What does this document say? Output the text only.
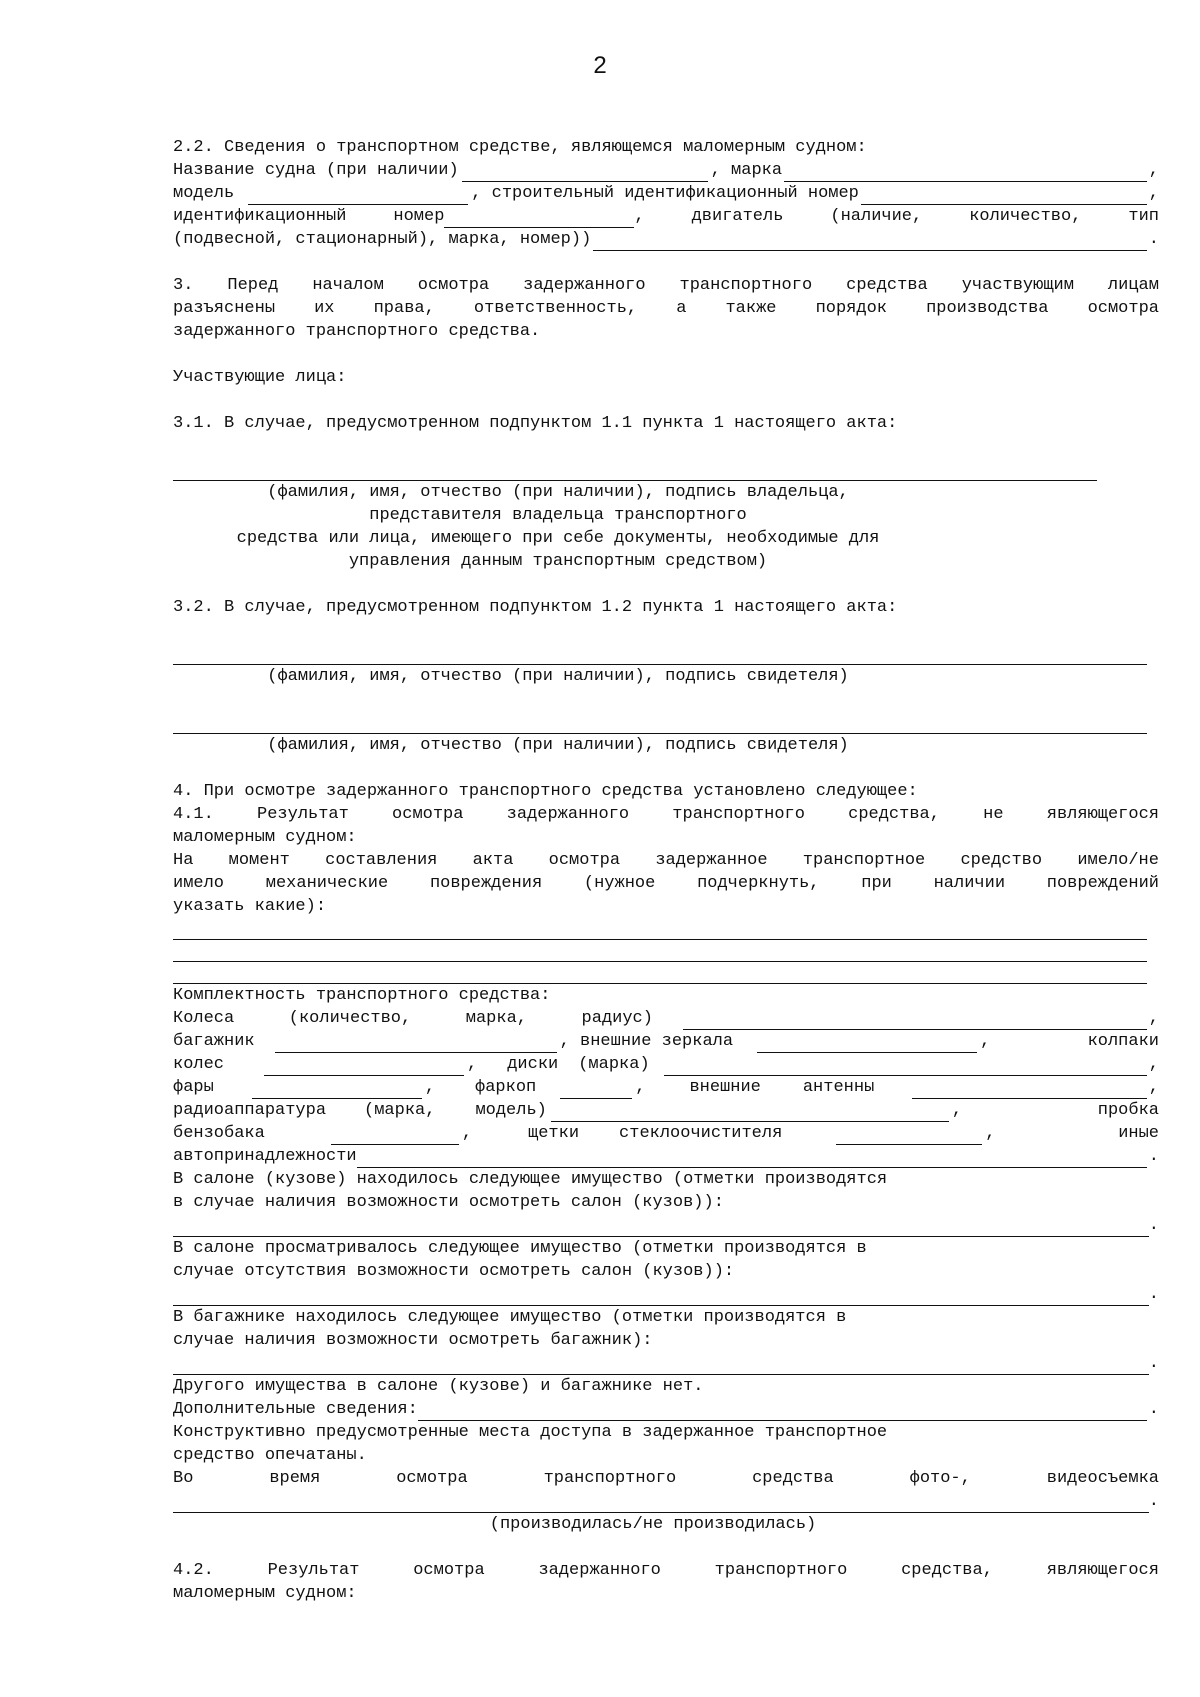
2
2.2. Сведения о транспортном средстве, являющемся маломерным судном:
Название судна (при наличии)	, марка	,
модель	, строительный идентификационный номер	,
идентификационный	номер	,	двигатель	(наличие,	количество,	тип
(подвесной, стационарный), марка, номер))	.
3. Перед началом осмотра задержанного транспортного средства участвующим лицам
разъяснены их права, ответственность, а также порядок производства осмотра
задержанного транспортного средства.
Участвующие лица:
3.1. В случае, предусмотренном подпунктом 1.1 пункта 1 настоящего акта:
(фамилия, имя, отчество (при наличии), подпись владельца,
представителя владельца транспортного
средства или лица, имеющего при себе документы, необходимые для
управления данным транспортным средством)
3.2. В случае, предусмотренном подпунктом 1.2 пункта 1 настоящего акта:
(фамилия, имя, отчество (при наличии), подпись свидетеля)
(фамилия, имя, отчество (при наличии), подпись свидетеля)
4. При осмотре задержанного транспортного средства установлено следующее:
4.1.	Результат	осмотра	задержанного	транспортного	средства,	не	являющегося
маломерным судном:
На момент составления акта осмотра задержанное транспортное средство имело/не
имело механические повреждения (нужное подчеркнуть, при наличии повреждений
указать какие):
Комплектность транспортного средства:
Колеса	(количество,	марка,	радиус)	,
багажник	, внешние зеркала	,	колпаки
колес	, диски (марка)	,
фары	, фаркоп	,	внешние антенны	,
радиоаппаратура (марка, модель)	,	пробка
бензобака	,	щетки стеклоочистителя	,	иные
автопринадлежности	.
В салоне (кузове) находилось следующее имущество (отметки производятся
в случае наличия возможности осмотреть салон (кузов)):
.
В салоне просматривалось следующее имущество (отметки производятся в
случае отсутствия возможности осмотреть салон (кузов)):
.
В багажнике находилось следующее имущество (отметки производятся в
случае наличия возможности осмотреть багажник):
.
Другого имущества в салоне (кузове) и багажнике нет.
Дополнительные сведения:	.
Конструктивно предусмотренные места доступа в задержанное транспортное
средство опечатаны.
Во	время	осмотра	транспортного	средства	фото-,	видеосъемка
.
(производилась/не производилась)
4.2.	Результат	осмотра	задержанного	транспортного	средства,	являющегося
маломерным судном:
